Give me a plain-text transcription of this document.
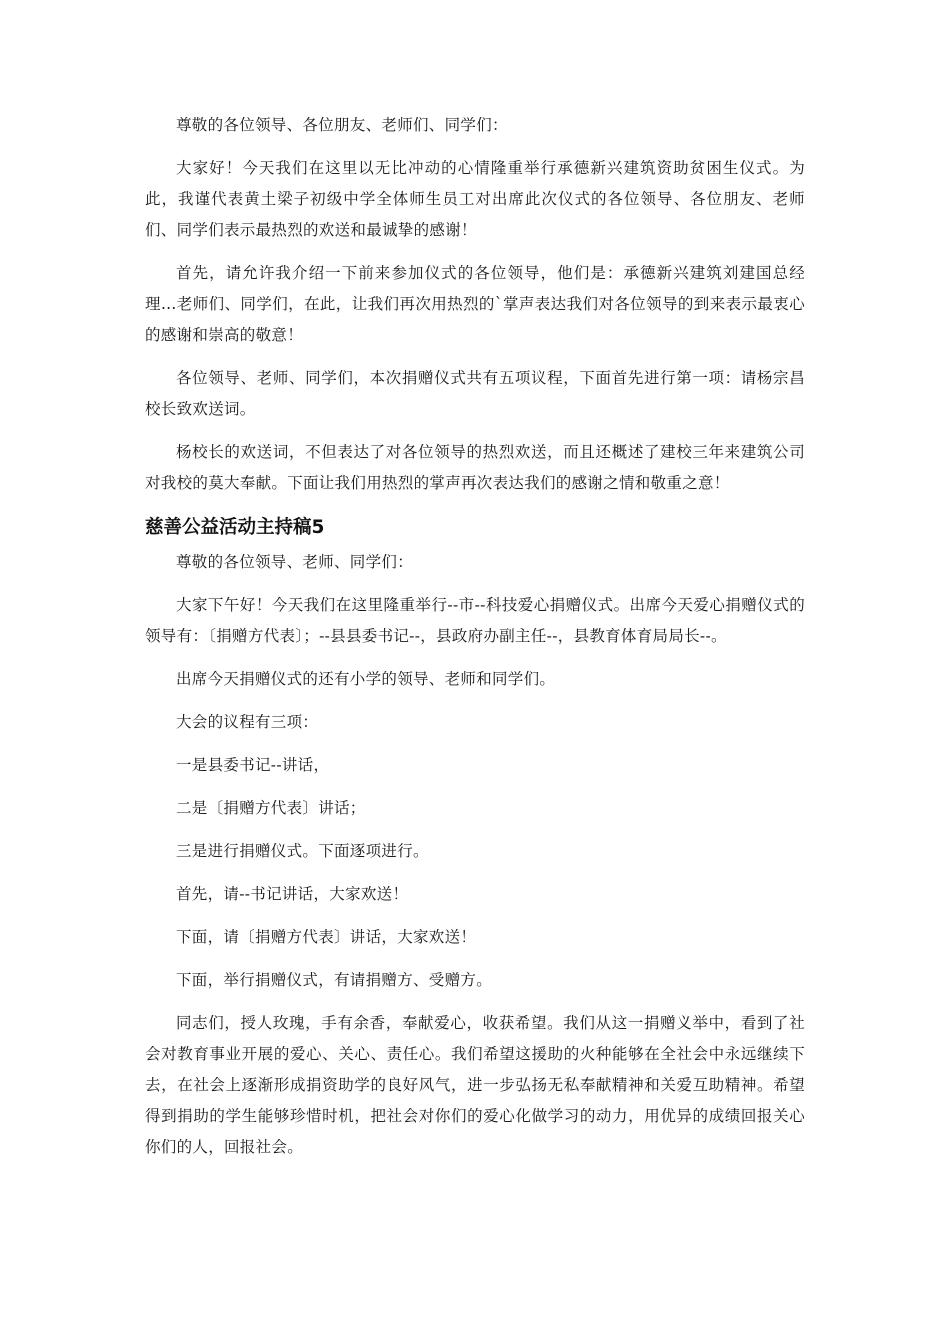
尊敬的各位领导、各位朋友、老师们、同学们：

大家好！今天我们在这里以无比冲动的心情隆重举行承德新兴建筑资助贫困生仪式。为此，我谨代表黄土梁子初级中学全体师生员工对出席此次仪式的各位领导、各位朋友、老师们、同学们表示最热烈的欢送和最诚挚的感谢！

首先，请允许我介绍一下前来参加仪式的各位领导，他们是：承德新兴建筑刘建国总经理…老师们、同学们，在此，让我们再次用热烈的`掌声表达我们对各位领导的到来表示最衷心的感谢和崇高的敬意！

各位领导、老师、同学们，本次捐赠仪式共有五项议程，下面首先进行第一项：请杨宗昌校长致欢送词。

杨校长的欢送词，不但表达了对各位领导的热烈欢送，而且还概述了建校三年来建筑公司对我校的莫大奉献。下面让我们用热烈的掌声再次表达我们的感谢之情和敬重之意！

慈善公益活动主持稿5

尊敬的各位领导、老师、同学们：

大家下午好！今天我们在这里隆重举行--市--科技爱心捐赠仪式。出席今天爱心捐赠仪式的领导有：〔捐赠方代表〕；--县县委书记--，县政府办副主任--，县教育体育局局长--。

出席今天捐赠仪式的还有小学的领导、老师和同学们。

大会的议程有三项：

一是县委书记--讲话，

二是〔捐赠方代表〕讲话；

三是进行捐赠仪式。下面逐项进行。

首先，请--书记讲话，大家欢送！

下面，请〔捐赠方代表〕讲话，大家欢送！

下面，举行捐赠仪式，有请捐赠方、受赠方。

同志们，授人玫瑰，手有余香，奉献爱心，收获希望。我们从这一捐赠义举中，看到了社会对教育事业开展的爱心、关心、责任心。我们希望这援助的火种能够在全社会中永远继续下去，在社会上逐渐形成捐资助学的良好风气，进一步弘扬无私奉献精神和关爱互助精神。希望得到捐助的学生能够珍惜时机，把社会对你们的爱心化做学习的动力，用优异的成绩回报关心你们的人，回报社会。
